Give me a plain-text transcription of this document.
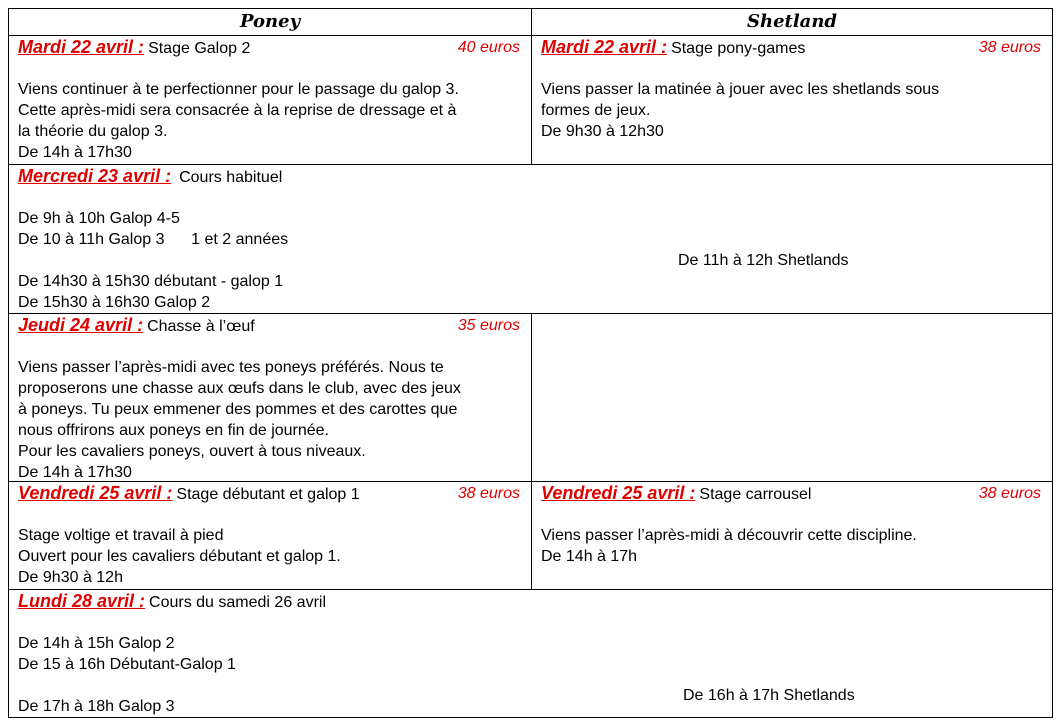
Poney	Shetland
Mardi 22 avril : Stage Galop 2	40 euros
Viens continuer à te perfectionner pour le passage du galop 3.
Cette après-midi sera consacrée à la reprise de dressage et à
la théorie du galop 3.
De 14h à 17h30
Mardi 22 avril : Stage pony-games	38 euros
Viens passer la matinée à jouer avec les shetlands sous
formes de jeux.
De 9h30 à 12h30
Mercredi 23 avril : Cours habituel
De 9h à 10h Galop 4-5
De 10 à 11h Galop 3      1 et 2 années
De 14h30 à 15h30 débutant - galop 1
De 15h30 à 16h30 Galop 2
De 11h à 12h Shetlands
Jeudi 24 avril : Chasse à l’œuf	35 euros
Viens passer l’après-midi avec tes poneys préférés. Nous te
proposerons une chasse aux œufs dans le club, avec des jeux
à poneys. Tu peux emmener des pommes et des carottes que
nous offrirons aux poneys en fin de journée.
Pour les cavaliers poneys, ouvert à tous niveaux.
De 14h à 17h30
Vendredi 25 avril : Stage débutant et galop 1	38 euros
Stage voltige et travail à pied
Ouvert pour les cavaliers débutant et galop 1.
De 9h30 à 12h
Vendredi 25 avril : Stage carrousel	38 euros
Viens passer l’après-midi à découvrir cette discipline.
De 14h à 17h
Lundi 28 avril : Cours du samedi 26 avril
De 14h à 15h Galop 2
De 15 à 16h Débutant-Galop 1
De 17h à 18h Galop 3
De 16h à 17h Shetlands
